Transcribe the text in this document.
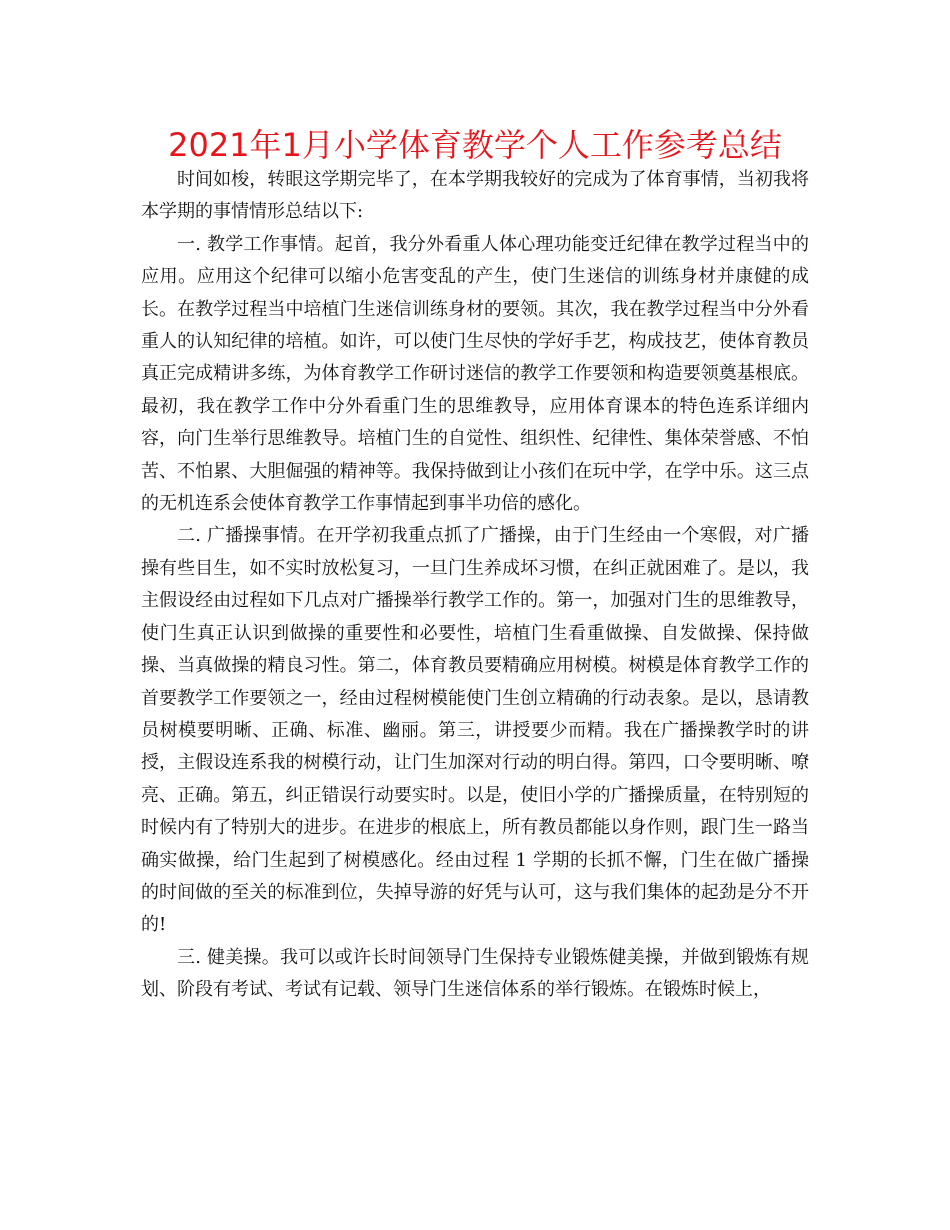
2021年1月小学体育教学个人工作参考总结

时间如梭，转眼这学期完毕了，在本学期我较好的完成为了体育事情，当初我将本学期的事情情形总结以下:

一. 教学工作事情。起首，我分外看重人体心理功能变迁纪律在教学过程当中的应用。应用这个纪律可以缩小危害变乱的产生，使门生迷信的训练身材并康健的成长。在教学过程当中培植门生迷信训练身材的要领。其次，我在教学过程当中分外看重人的认知纪律的培植。如许，可以使门生尽快的学好手艺，构成技艺，使体育教员真正完成精讲多练，为体育教学工作研讨迷信的教学工作要领和构造要领奠基根底。最初，我在教学工作中分外看重门生的思维教导，应用体育课本的特色连系详细内容，向门生举行思维教导。培植门生的自觉性、组织性、纪律性、集体荣誉感、不怕苦、不怕累、大胆倔强的精神等。我保持做到让小孩们在玩中学，在学中乐。这三点的无机连系会使体育教学工作事情起到事半功倍的感化。

二. 广播操事情。在开学初我重点抓了广播操，由于门生经由一个寒假，对广播操有些目生，如不实时放松复习，一旦门生养成坏习惯，在纠正就困难了。是以，我主假设经由过程如下几点对广播操举行教学工作的。第一，加强对门生的思维教导，使门生真正认识到做操的重要性和必要性，培植门生看重做操、自发做操、保持做操、当真做操的精良习性。第二，体育教员要精确应用树模。树模是体育教学工作的首要教学工作要领之一，经由过程树模能使门生创立精确的行动表象。是以，恳请教员树模要明晰、正确、标准、幽丽。第三，讲授要少而精。我在广播操教学时的讲授，主假设连系我的树模行动，让门生加深对行动的明白得。第四，口令要明晰、嘹亮、正确。第五，纠正错误行动要实时。以是，使旧小学的广播操质量，在特别短的时候内有了特别大的进步。在进步的根底上，所有教员都能以身作则，跟门生一路当确实做操，给门生起到了树模感化。经由过程 1 学期的长抓不懈，门生在做广播操的时间做的至关的标准到位，失掉导游的好凭与认可，这与我们集体的起劲是分不开的!

三. 健美操。我可以或许长时间领导门生保持专业锻炼健美操，并做到锻炼有规划、阶段有考试、考试有记载、领导门生迷信体系的举行锻炼。在锻炼时候上，
